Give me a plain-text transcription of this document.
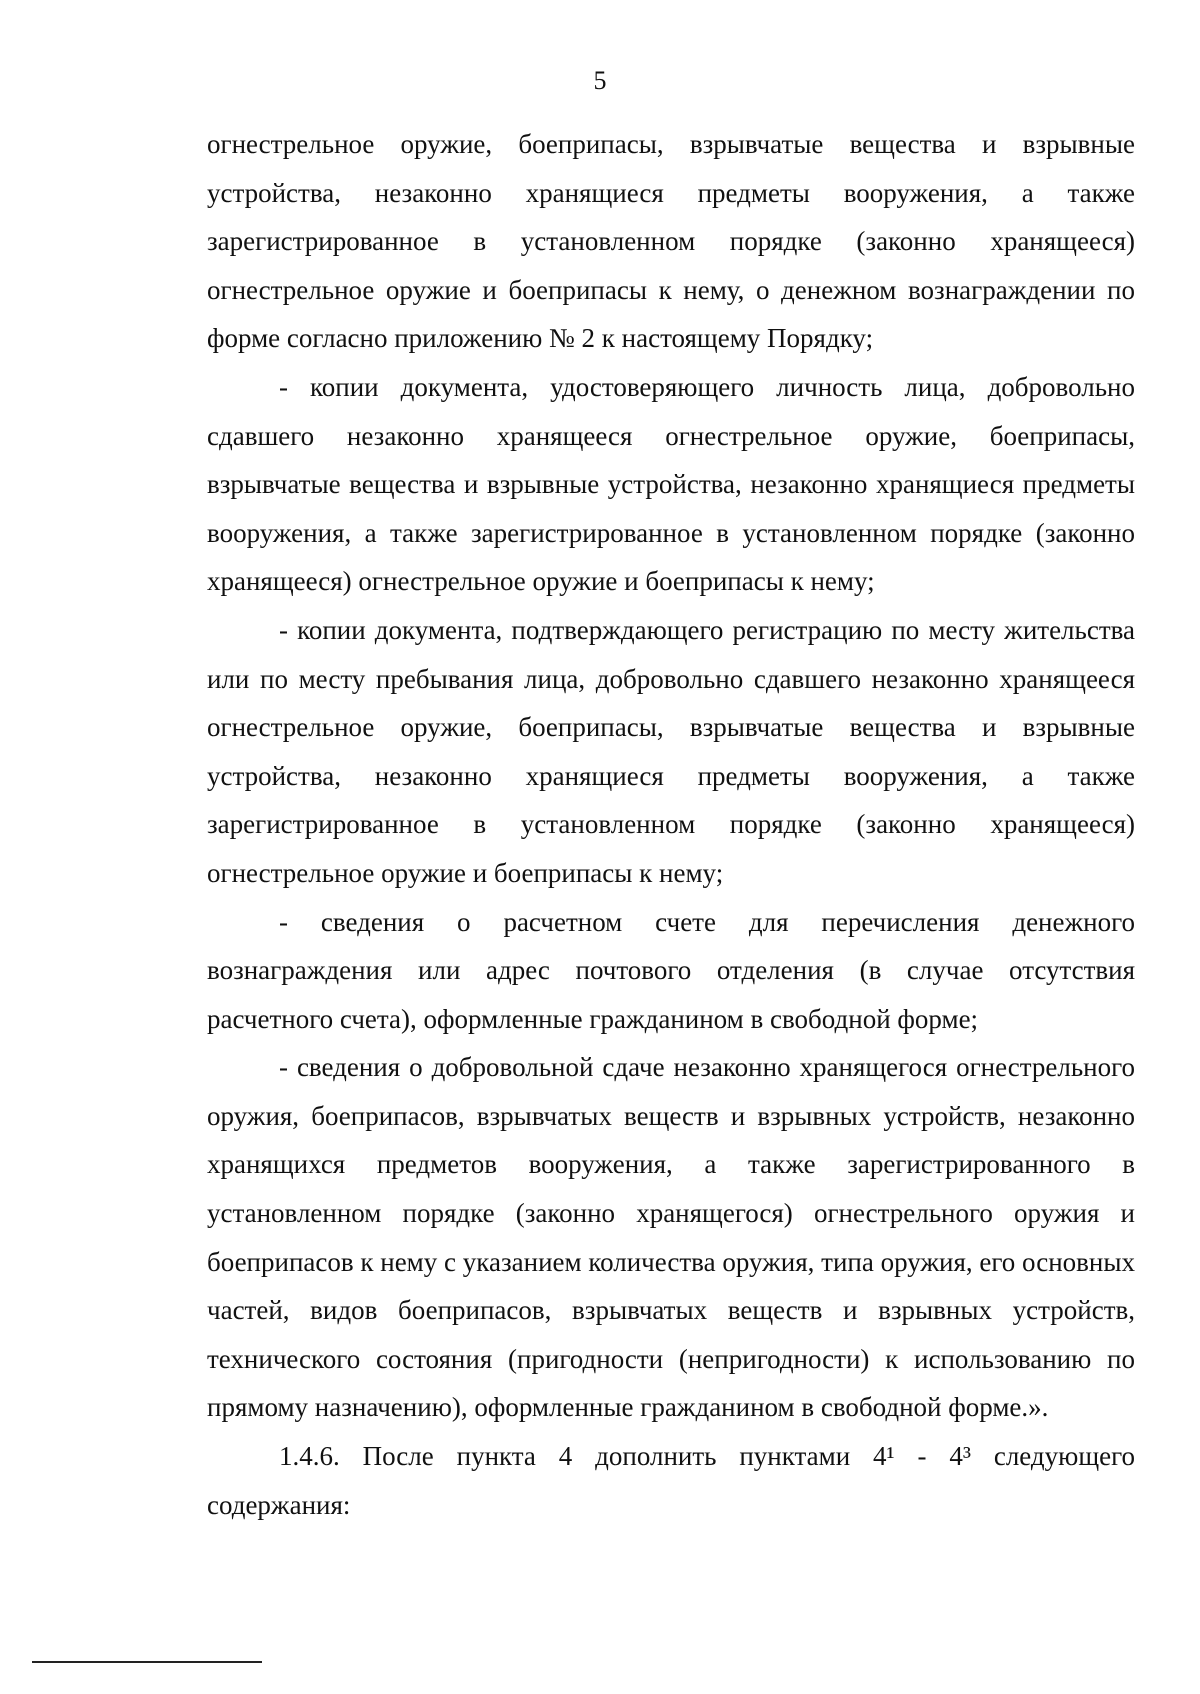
5

огнестрельное оружие, боеприпасы, взрывчатые вещества и взрывные устройства, незаконно хранящиеся предметы вооружения, а также зарегистрированное в установленном порядке (законно хранящееся) огнестрельное оружие и боеприпасы к нему, о денежном вознаграждении по форме согласно приложению № 2 к настоящему Порядку;

- копии документа, удостоверяющего личность лица, добровольно сдавшего незаконно хранящееся огнестрельное оружие, боеприпасы, взрывчатые вещества и взрывные устройства, незаконно хранящиеся предметы вооружения, а также зарегистрированное в установленном порядке (законно хранящееся) огнестрельное оружие и боеприпасы к нему;

- копии документа, подтверждающего регистрацию по месту жительства или по месту пребывания лица, добровольно сдавшего незаконно хранящееся огнестрельное оружие, боеприпасы, взрывчатые вещества и взрывные устройства, незаконно хранящиеся предметы вооружения, а также зарегистрированное в установленном порядке (законно хранящееся) огнестрельное оружие и боеприпасы к нему;

- сведения о расчетном счете для перечисления денежного вознаграждения или адрес почтового отделения (в случае отсутствия расчетного счета), оформленные гражданином в свободной форме;

- сведения о добровольной сдаче незаконно хранящегося огнестрельного оружия, боеприпасов, взрывчатых веществ и взрывных устройств, незаконно хранящихся предметов вооружения, а также зарегистрированного в установленном порядке (законно хранящегося) огнестрельного оружия и боеприпасов к нему с указанием количества оружия, типа оружия, его основных частей, видов боеприпасов, взрывчатых веществ и взрывных устройств, технического состояния (пригодности (непригодности) к использованию по прямому назначению), оформленные гражданином в свободной форме.».

1.4.6. После пункта 4 дополнить пунктами 4¹ - 4³ следующего содержания:
